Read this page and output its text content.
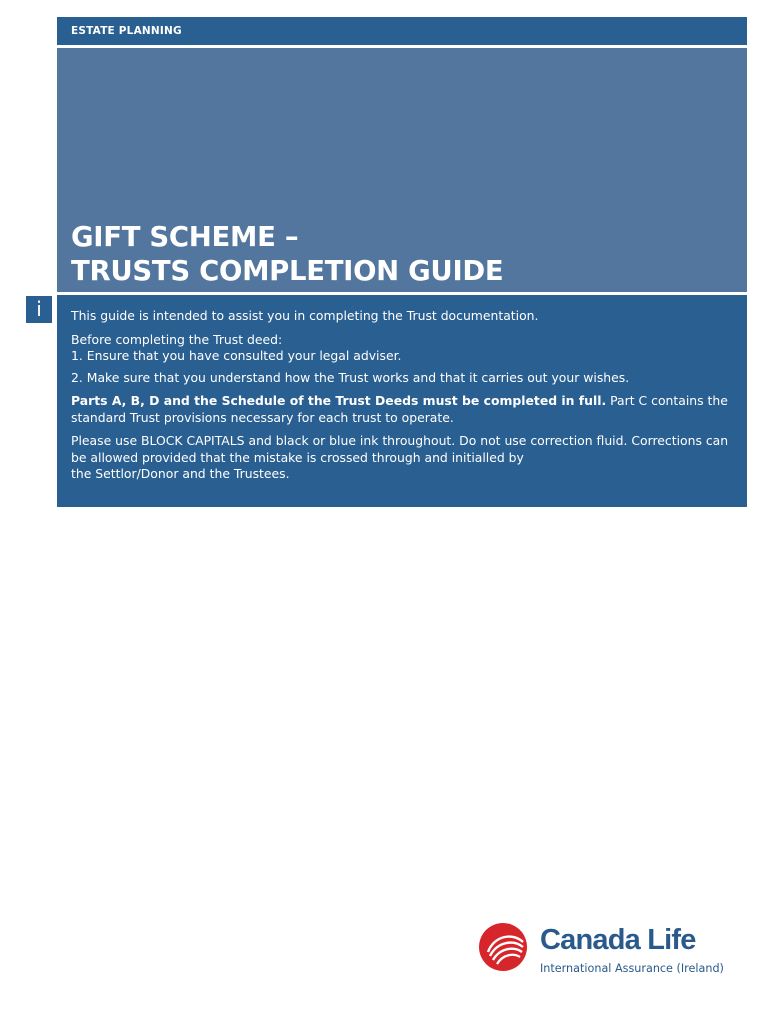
ESTATE PLANNING
GIFT SCHEME –
TRUSTS COMPLETION GUIDE
i	This guide is intended to assist you in completing the Trust documentation.

Before completing the Trust deed:
1. Ensure that you have consulted your legal adviser.

2. Make sure that you understand how the Trust works and that it carries out your wishes.

Parts A, B, D and the Schedule of the Trust Deeds must be completed in full. Part C contains the standard Trust provisions necessary for each trust to operate.

Please use BLOCK CAPITALS and black or blue ink throughout. Do not use correction fluid. Corrections can be allowed provided that the mistake is crossed through and initialled by
the Settlor/Donor and the Trustees.

Canada Life
International Assurance (Ireland)
